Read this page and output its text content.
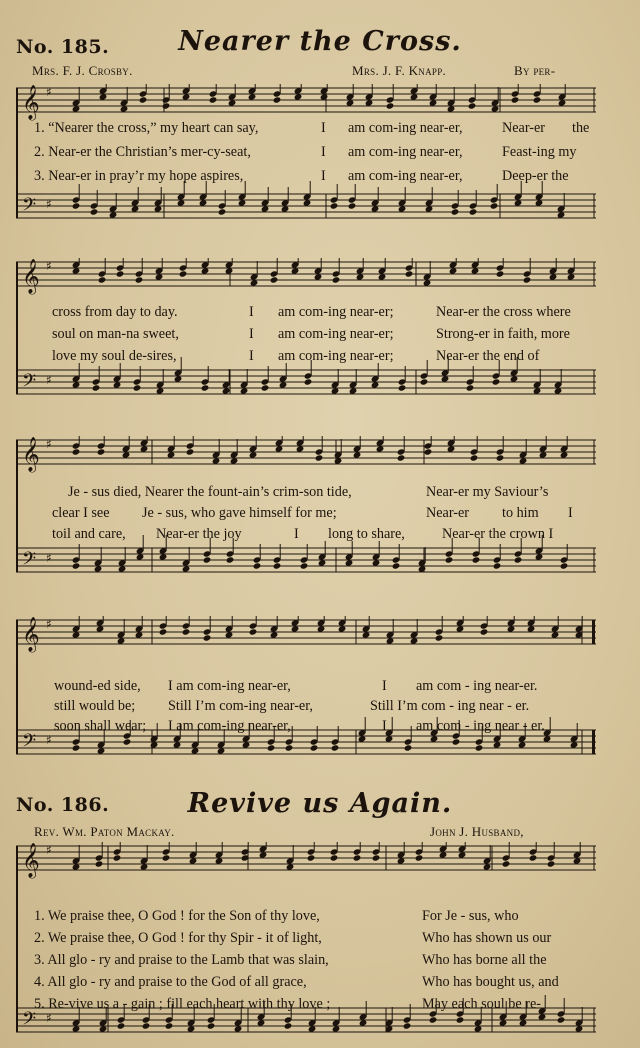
No. 185.	Nearer the Cross.
Mrs. F. J. Crosby.	Mrs. J. F. Knapp.	By per-
𝄞
𝄢
♯
♯
1. “Nearer the cross,” my heart can say,	I am com-ing near-er,	Near-er the
2. Near-er the Christian’s mer-cy-seat,	I am com-ing near-er,	Feast-ing my
3. Near-er in pray’r my hope aspires,	I am com-ing near-er,	Deep-er the
𝄞
𝄢
♯
♯
cross from day to day.	I am com-ing near-er;	Near-er the cross where
soul on man-na sweet,	I am com-ing near-er;	Strong-er in faith, more
love my soul de-sires,	I am com-ing near-er;	Near-er the end of
𝄞
𝄢
♯
♯
Je - sus died, Nearer the fount-ain’s crim-son tide,	Near-er my Saviour’s
clear I see Je - sus, who gave himself for me;	Near-er to him I
toil and care, Near-er the joy	I long to share,	Near-er the crown I
𝄞
𝄢
♯
♯
wound-ed side, I am com-ing near-er,	I am com - ing near-er.
still would be; Still I’m com-ing near-er,	Still I’m com - ing near - er.
soon shall wear; I am com-ing near-er,	I am com - ing near - er.
No. 186.	Revive us Again.
Rev. Wm. Paton Mackay.	John J. Husband,
𝄞
𝄢
♯
♯
1. We praise thee, O God ! for the Son of thy love,	For Je - sus, who
2. We praise thee, O God ! for thy Spir - it of light,	Who has shown us our
3. All glo - ry and praise to the Lamb that was slain,	Who has borne all the
4. All glo - ry and praise to the God of all grace,	Who has bought us, and
5. Re-vive us a - gain ; fill each heart with thy love ;	May each soul be re-
